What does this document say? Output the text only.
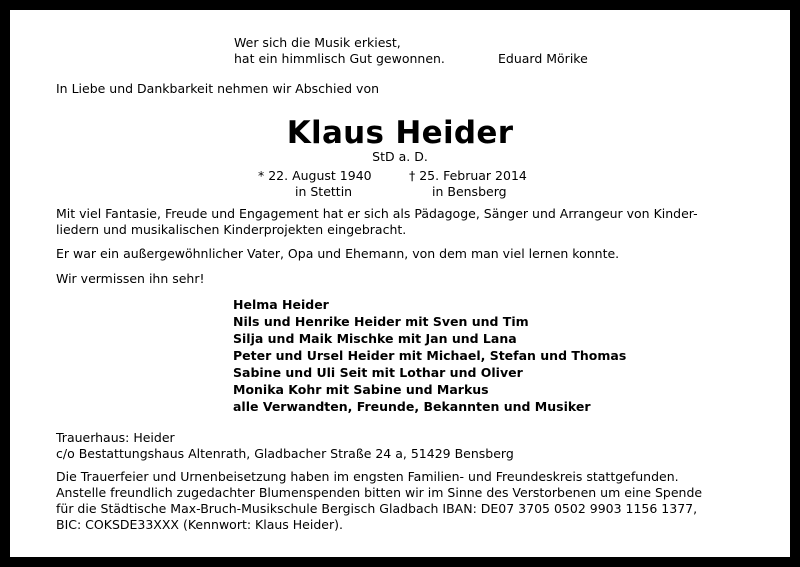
Wer sich die Musik erkiest,
hat ein himmlisch Gut gewonnen.	Eduard Mörike
In Liebe und Dankbarkeit nehmen wir Abschied von
Klaus Heider
StD a. D.
* 22. August 1940
in Stettin
† 25. Februar 2014
in Bensberg
Mit viel Fantasie, Freude und Engagement hat er sich als Pädagoge, Sänger und Arrangeur von Kinder-
liedern und musikalischen Kinderprojekten eingebracht.
Er war ein außergewöhnlicher Vater, Opa und Ehemann, von dem man viel lernen konnte.
Wir vermissen ihn sehr!
Helma Heider
Nils und Henrike Heider mit Sven und Tim
Silja und Maik Mischke mit Jan und Lana
Peter und Ursel Heider mit Michael, Stefan und Thomas
Sabine und Uli Seit mit Lothar und Oliver
Monika Kohr mit Sabine und Markus
alle Verwandten, Freunde, Bekannten und Musiker
Trauerhaus: Heider
c/o Bestattungshaus Altenrath, Gladbacher Straße 24 a, 51429 Bensberg
Die Trauerfeier und Urnenbeisetzung haben im engsten Familien- und Freundeskreis stattgefunden.
Anstelle freundlich zugedachter Blumenspenden bitten wir im Sinne des Verstorbenen um eine Spende
für die Städtische Max-Bruch-Musikschule Bergisch Gladbach IBAN: DE07 3705 0502 9903 1156 1377,
BIC: COKSDE33XXX (Kennwort: Klaus Heider).
